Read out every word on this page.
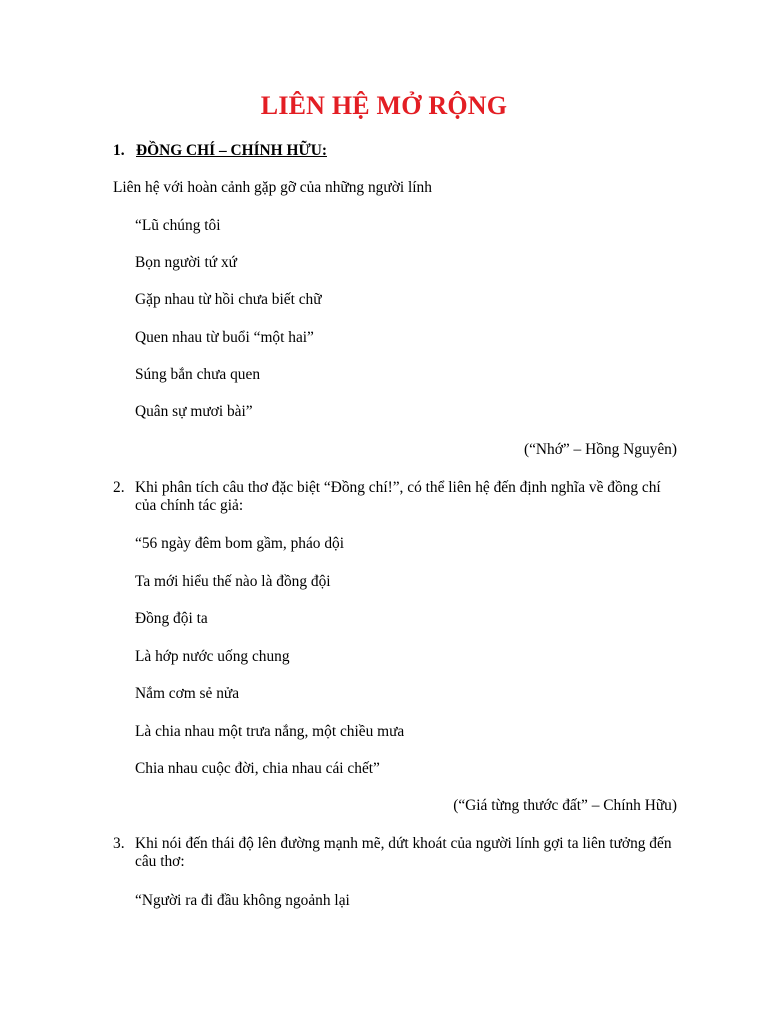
LIÊN HỆ MỞ RỘNG
1. ĐỒNG CHÍ – CHÍNH HỮU:
Liên hệ với hoàn cảnh gặp gỡ của những người lính
“Lũ chúng tôi
Bọn người tứ xứ
Gặp nhau từ hồi chưa biết chữ
Quen nhau từ buổi “một hai”
Súng bắn chưa quen
Quân sự mươi bài”
(“Nhớ” – Hồng Nguyên)
2. Khi phân tích câu thơ đặc biệt “Đồng chí!”, có thể liên hệ đến định nghĩa về đồng chí của chính tác giả:
“56 ngày đêm bom gầm, pháo dội
Ta mới hiểu thế nào là đồng đội
Đồng đội ta
Là hớp nước uống chung
Nắm cơm sẻ nửa
Là chia nhau một trưa nắng, một chiều mưa
Chia nhau cuộc đời, chia nhau cái chết”
(“Giá từng thước đất” – Chính Hữu)
3. Khi nói đến thái độ lên đường mạnh mẽ, dứt khoát của người lính gợi ta liên tưởng đến câu thơ:
“Người ra đi đầu không ngoảnh lại
